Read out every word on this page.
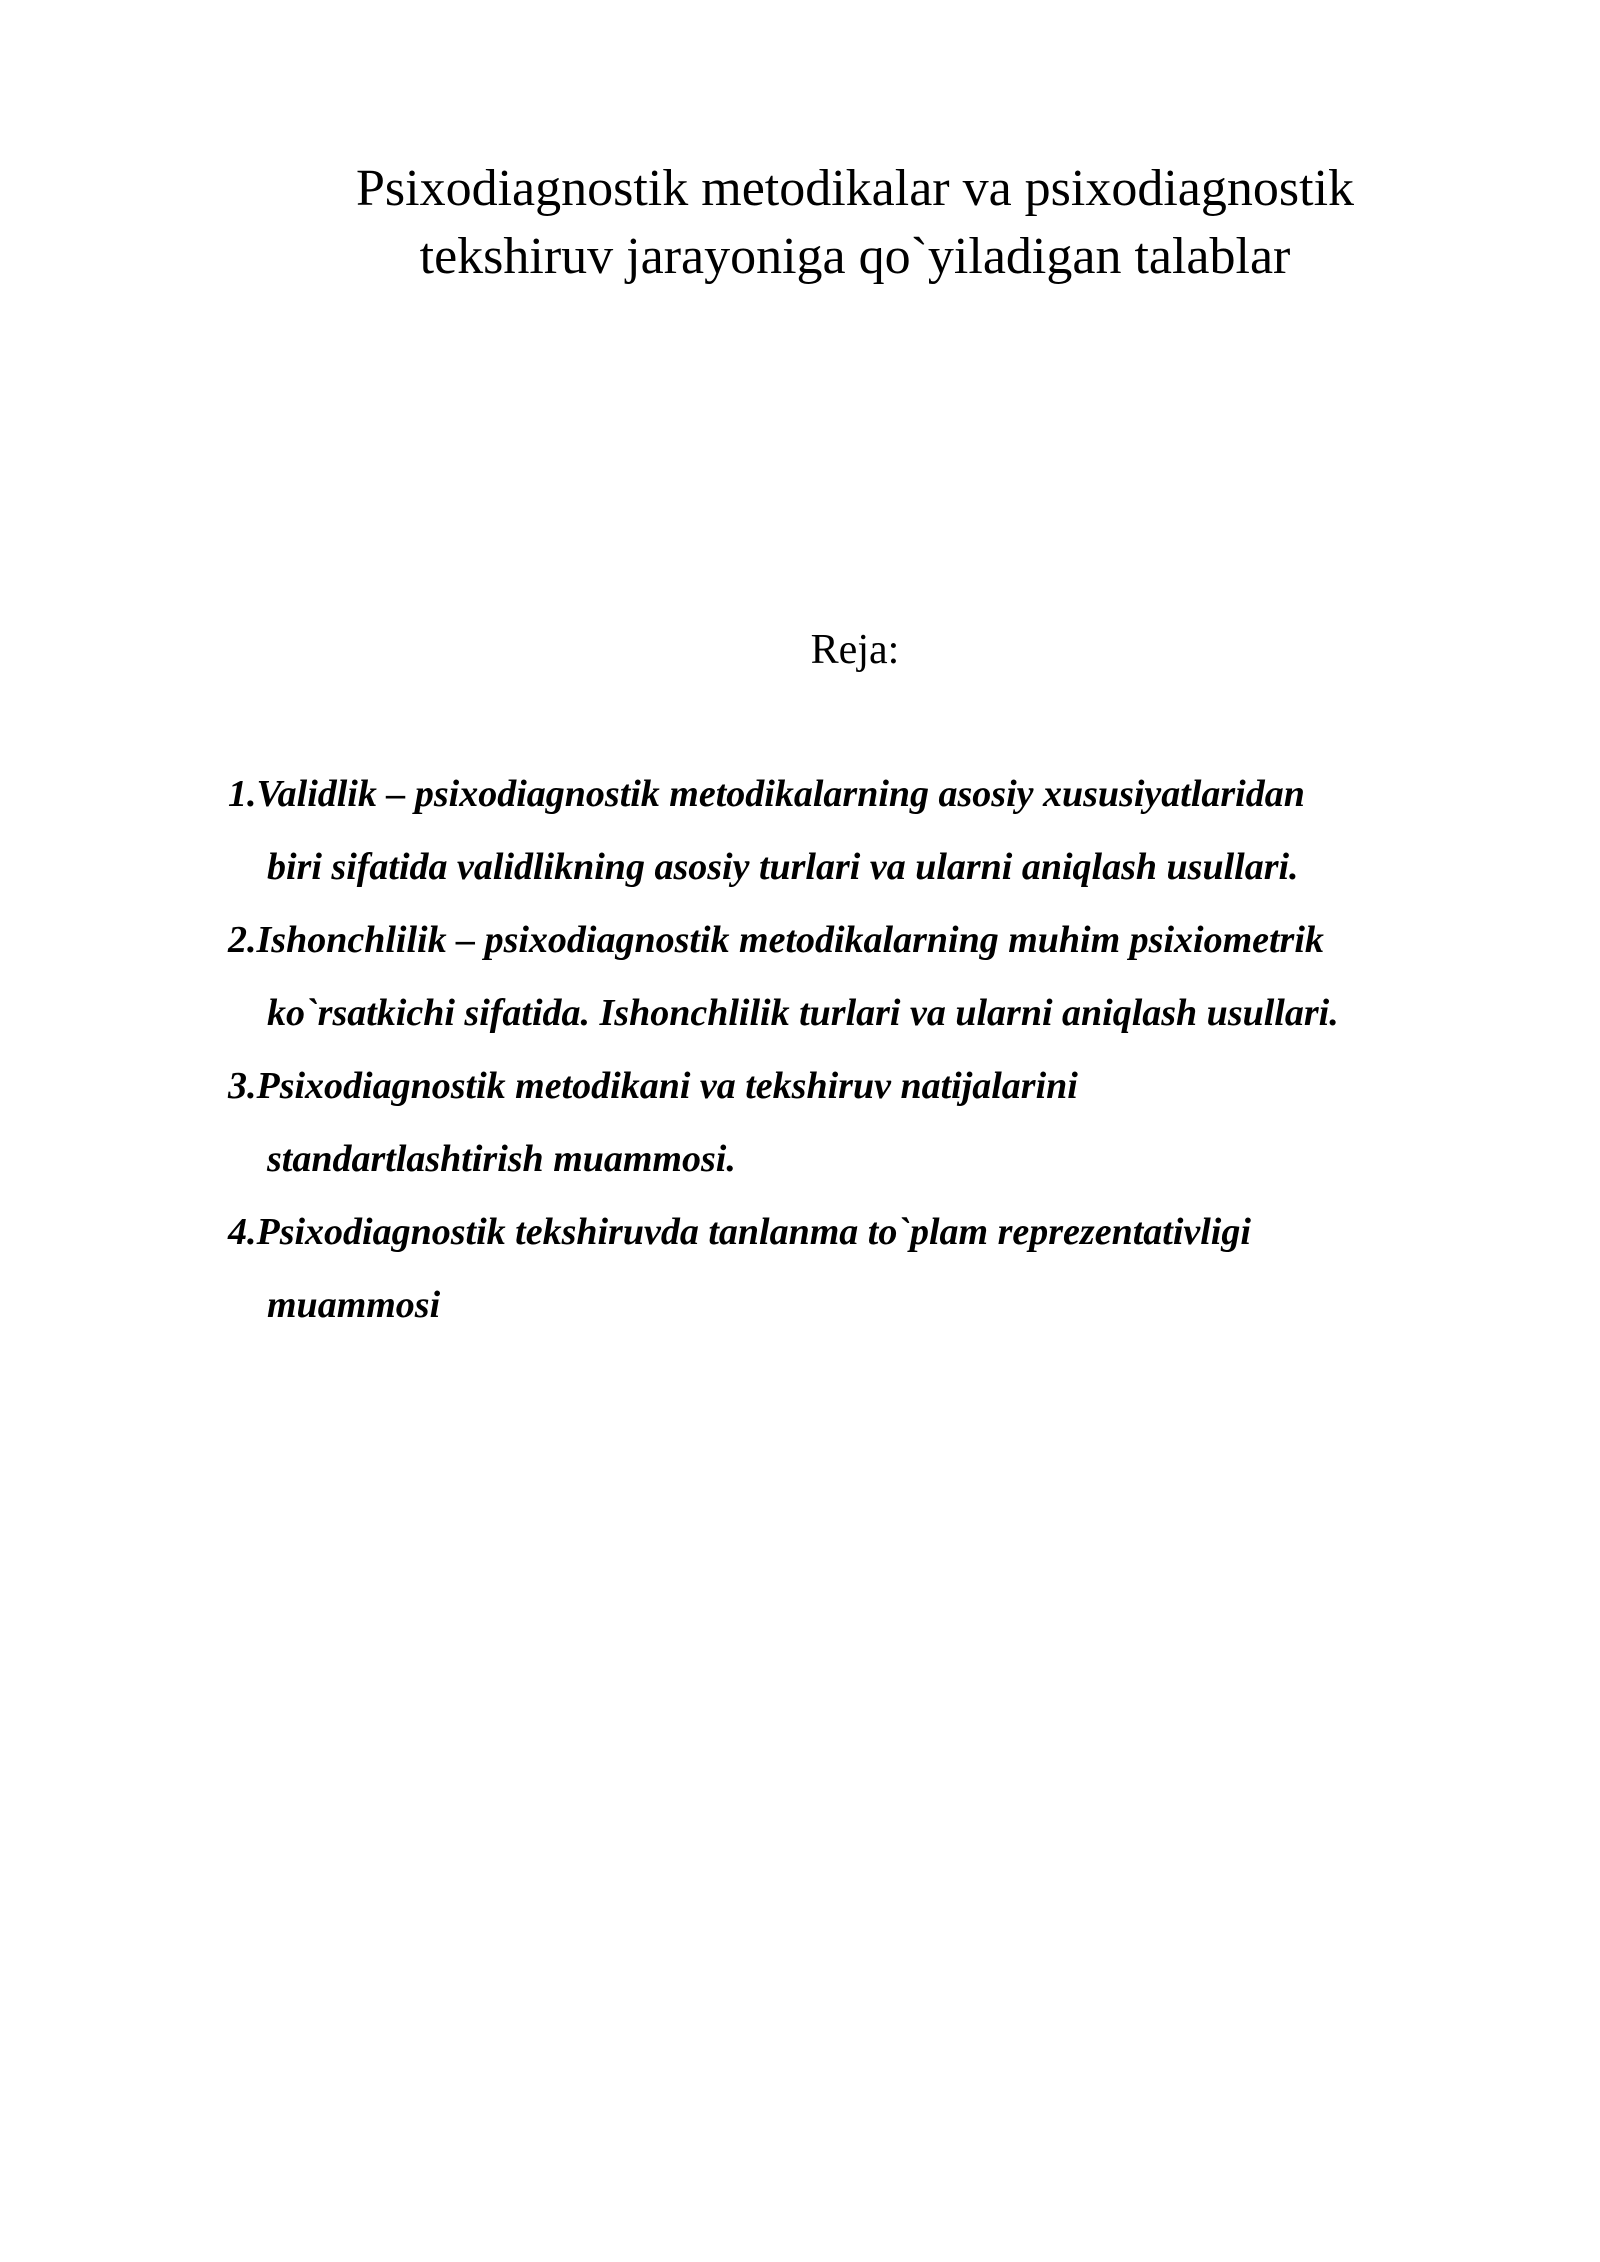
Psixodiagnostik metodikalar va psixodiagnostik
tekshiruv jarayoniga qo`yiladigan talablar
Reja:
1.Validlik – psixodiagnostik metodikalarning asosiy xususiyatlaridan
biri sifatida validlikning asosiy turlari va ularni aniqlash usullari.
2.Ishonchlilik – psixodiagnostik metodikalarning muhim psixiometrik
ko`rsatkichi sifatida. Ishonchlilik turlari va ularni aniqlash usullari.
3.Psixodiagnostik metodikani va tekshiruv natijalarini
standartlashtirish muammosi.
4.Psixodiagnostik tekshiruvda tanlanma to`plam reprezentativligi
muammosi
